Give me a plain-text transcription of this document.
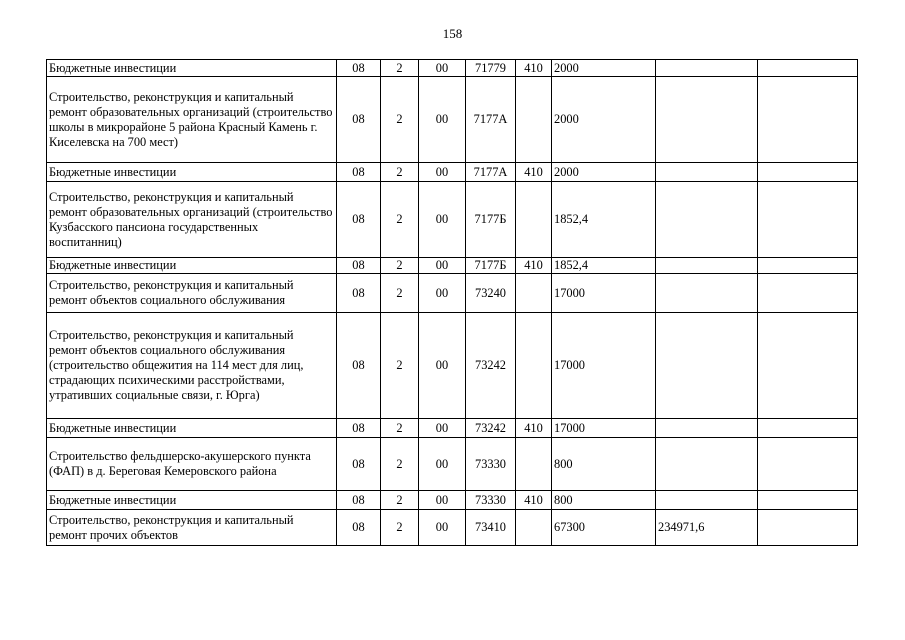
158
Бюджетные инвестиции	08	2	00	71779	410	2000		
Строительство, реконструкция и капитальный ремонт образовательных организаций (строительство школы в микрорайоне 5 района Красный Камень г. Киселевска на 700 мест)	08	2	00	7177А		2000		
Бюджетные инвестиции	08	2	00	7177А	410	2000		
Строительство, реконструкция и капитальный ремонт образовательных организаций (строительство Кузбасского пансиона государственных воспитанниц)	08	2	00	7177Б		1852,4		
Бюджетные инвестиции	08	2	00	7177Б	410	1852,4		
Строительство, реконструкция и капитальный ремонт объектов социального обслуживания	08	2	00	73240		17000		
Строительство, реконструкция и капитальный ремонт объектов социального обслуживания (строительство общежития на 114 мест для лиц, страдающих психическими расстройствами, утративших социальные связи, г. Юрга)	08	2	00	73242		17000		
Бюджетные инвестиции	08	2	00	73242	410	17000		
Строительство фельдшерско-акушерского пункта (ФАП) в д. Береговая Кемеровского района	08	2	00	73330		800		
Бюджетные инвестиции	08	2	00	73330	410	800		
Строительство, реконструкция и капитальный ремонт прочих объектов	08	2	00	73410		67300	234971,6	
